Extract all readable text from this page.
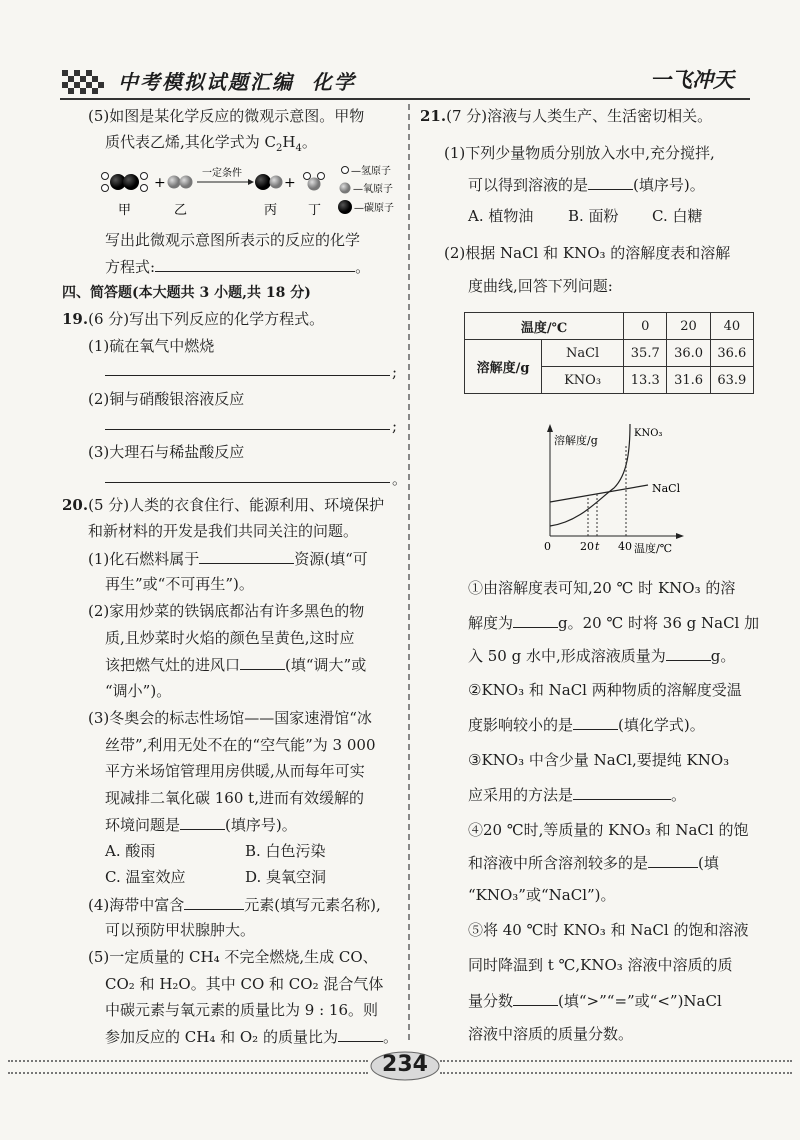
中考模拟试题汇编  化学	一飞冲天
(5)如图是某化学反应的微观示意图。甲物
质代表乙烯,其化学式为 $C_2H_4$。
+
一定条件
+
甲	乙	丙 丁
—氢原子
—氧原子
—碳原子
写出此微观示意图所表示的反应的化学
方程式:	。
四、简答题(本大题共 3 小题,共 18 分)
19.(6 分)写出下列反应的化学方程式。
(1)硫在氧气中燃烧
;
(2)铜与硝酸银溶液反应
;
(3)大理石与稀盐酸反应
。
20.(5 分)人类的衣食住行、能源利用、环境保护
和新材料的开发是我们共同关注的问题。
(1)化石燃料属于	资源(填“可
再生”或“不可再生”)。
(2)家用炒菜的铁锅底都沾有许多黑色的物
质,且炒菜时火焰的颜色呈黄色,这时应
该把燃气灶的进风口	(填“调大”或
“调小”)。
(3)冬奥会的标志性场馆——国家速滑馆“冰
丝带”,利用无处不在的“空气能”为 3 000
平方米场馆管理用房供暖,从而每年可实
现减排二氧化碳 160 t,进而有效缓解的
环境问题是	(填序号)。
A. 酸雨	B. 白色污染
C. 温室效应	D. 臭氧空洞
(4)海带中富含	元素(填写元素名称),
可以预防甲状腺肿大。
(5)一定质量的 CH₄ 不完全燃烧,生成 CO、
CO₂ 和 H₂O。其中 CO 和 CO₂ 混合气体
中碳元素与氧元素的质量比为 9 : 16。则
参加反应的 CH₄ 和 O₂ 的质量比为	。
21.(7 分)溶液与人类生产、生活密切相关。
(1)下列少量物质分别放入水中,充分搅拌,
可以得到溶液的是	(填序号)。
A. 植物油 B. 面粉 C. 白糖
(2)根据 NaCl 和 KNO₃ 的溶解度表和溶解
度曲线,回答下列问题:
温度/℃		0	20	40
溶解度/g	NaCl	35.7	36.0	36.6
	KNO₃	13.3	31.6	63.9
溶解度/g
KNO₃
NaCl
0	20 t 40 温度/℃
①由溶解度表可知,20 ℃ 时 KNO₃ 的溶
解度为	g。20 ℃ 时将 36 g NaCl 加
入 50 g 水中,形成溶液质量为	g。
②KNO₃ 和 NaCl 两种物质的溶解度受温
度影响较小的是	(填化学式)。
③KNO₃ 中含少量 NaCl,要提纯 KNO₃
应采用的方法是	。
④20 ℃时,等质量的 KNO₃ 和 NaCl 的饱
和溶液中所含溶剂较多的是	(填
“KNO₃”或“NaCl”)。
⑤将 40 ℃时 KNO₃ 和 NaCl 的饱和溶液
同时降温到 t ℃,KNO₃ 溶液中溶质的质
量分数	(填“>”“=”或“<”)NaCl
溶液中溶质的质量分数。
234
